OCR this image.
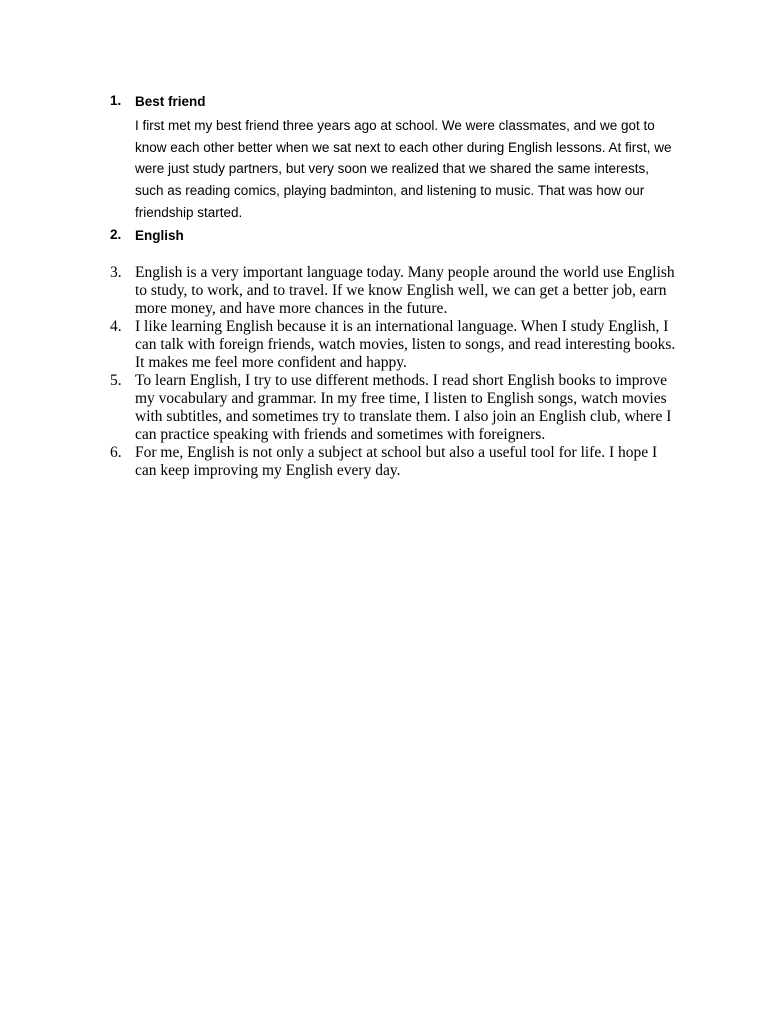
1.	Best friend
I first met my best friend three years ago at school. We were classmates, and we got to know each other better when we sat next to each other during English lessons. At first, we were just study partners, but very soon we realized that we shared the same interests, such as reading comics, playing badminton, and listening to music. That was how our friendship started.
2.	English
3. English is a very important language today. Many people around the world use English to study, to work, and to travel. If we know English well, we can get a better job, earn more money, and have more chances in the future.
4. I like learning English because it is an international language. When I study English, I can talk with foreign friends, watch movies, listen to songs, and read interesting books. It makes me feel more confident and happy.
5. To learn English, I try to use different methods. I read short English books to improve my vocabulary and grammar. In my free time, I listen to English songs, watch movies with subtitles, and sometimes try to translate them. I also join an English club, where I can practice speaking with friends and sometimes with foreigners.
6. For me, English is not only a subject at school but also a useful tool for life. I hope I can keep improving my English every day.
